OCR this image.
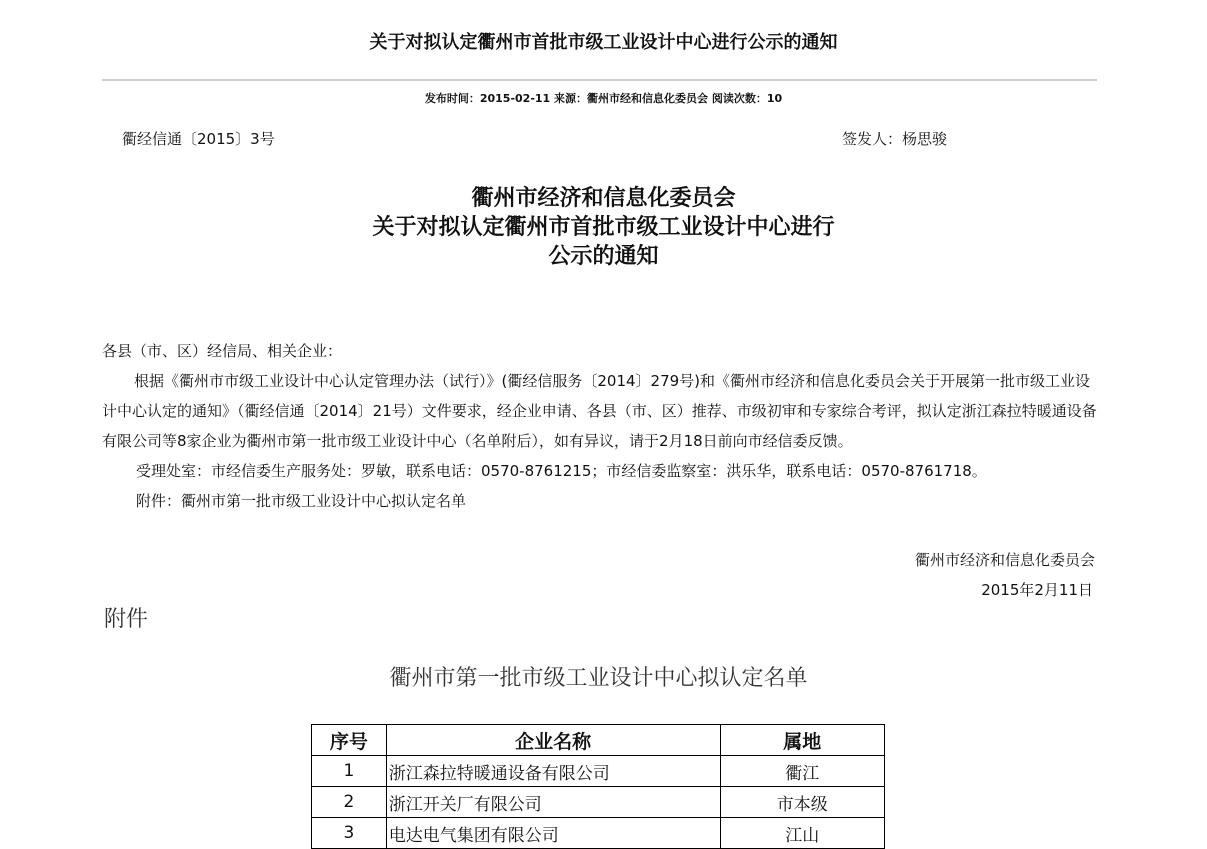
关于对拟认定衢州市首批市级工业设计中心进行公示的通知
发布时间：2015-02-11 来源：衢州市经和信息化委员会 阅读次数：10
衢经信通〔2015〕3号	签发人：杨思骏
衢州市经济和信息化委员会
关于对拟认定衢州市首批市级工业设计中心进行
公示的通知
各县（市、区）经信局、相关企业：
根据《衢州市市级工业设计中心认定管理办法（试行）》(衢经信服务〔2014〕279号)和《衢州市经济和信息化委员会关于开展第一批市级工业设计中心认定的通知》（衢经信通〔2014〕21号）文件要求，经企业申请、各县（市、区）推荐、市级初审和专家综合考评，拟认定浙江森拉特暖通设备有限公司等8家企业为衢州市第一批市级工业设计中心（名单附后），如有异议，请于2月18日前向市经信委反馈。
受理处室：市经信委生产服务处：罗敏，联系电话：0570-8761215；市经信委监察室：洪乐华，联系电话：0570-8761718。
附件：衢州市第一批市级工业设计中心拟认定名单
衢州市经济和信息化委员会
2015年2月11日
附件
衢州市第一批市级工业设计中心拟认定名单
序号	企业名称	属地
1	浙江森拉特暖通设备有限公司	衢江
2	浙江开关厂有限公司	市本级
3	电达电气集团有限公司	江山
